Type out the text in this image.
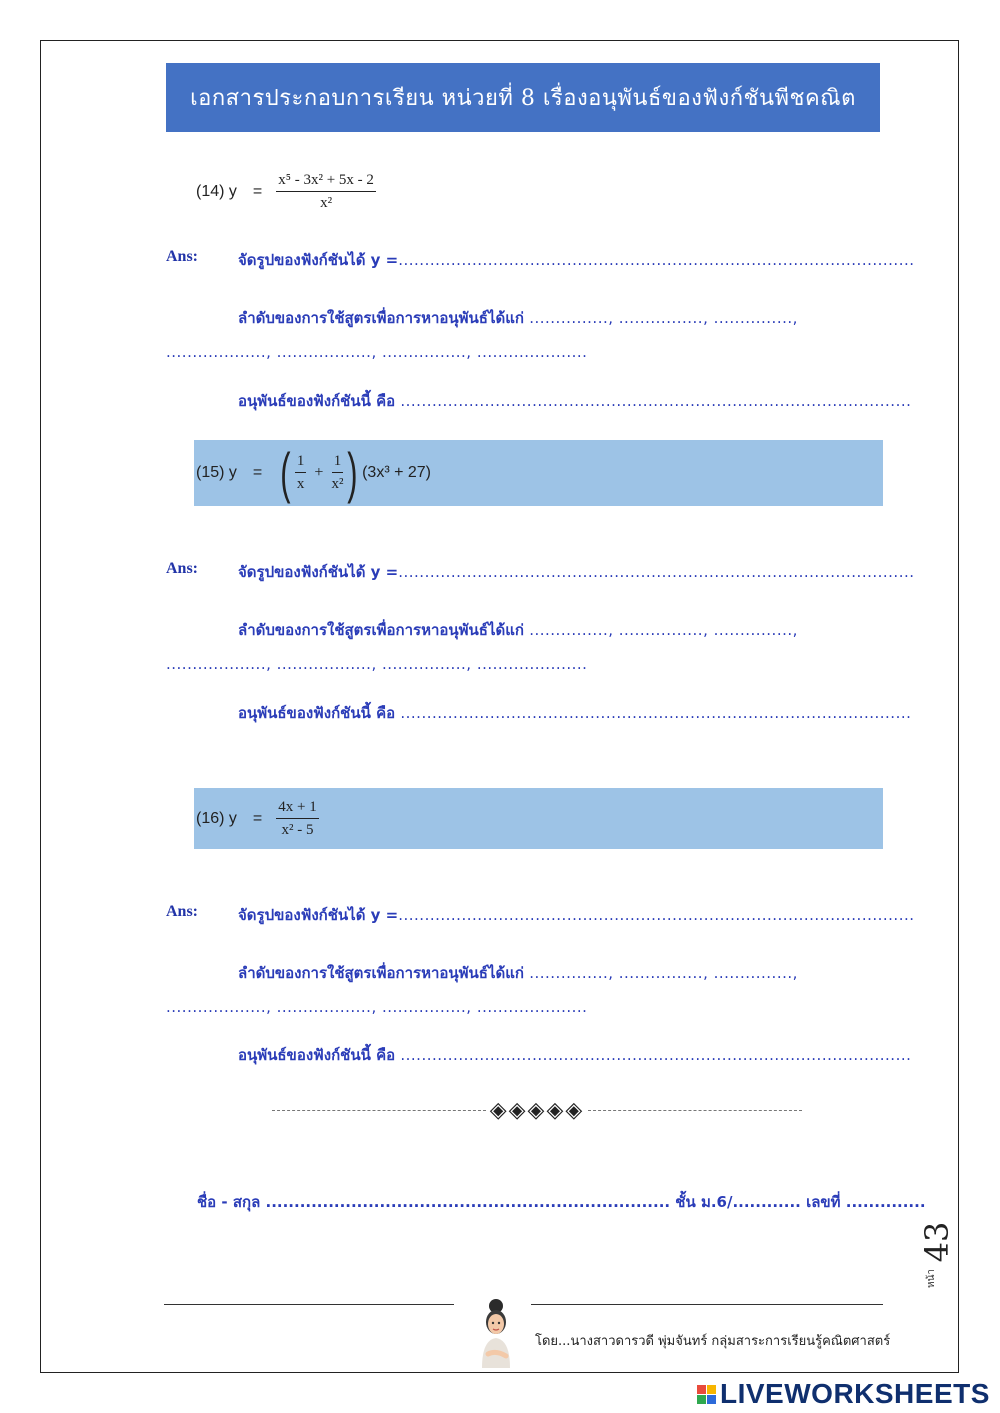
เอกสารประกอบการเรียน หน่วยที่ 8 เรื่องอนุพันธ์ของฟังก์ชันพีชคณิต
(14) $y = \frac{\text{x⁵ - 3x² + 5x - 2}}{\text{x²}}$
Ans:	จัดรูปของฟังก์ชันได้ y =..................................................................................................
ลำดับของการใช้สูตรเพื่อการหาอนุพันธ์ได้แก่ ..............., ................, ...............,
..................., .................., ................, .....................
อนุพันธ์ของฟังก์ชันนี้ คือ .................................................................................................
(15) y = ( $\frac{1}{x} + \frac{1}{\text{x²}}$ ) (3x³ + 27)
Ans:	จัดรูปของฟังก์ชันได้ y =..................................................................................................
ลำดับของการใช้สูตรเพื่อการหาอนุพันธ์ได้แก่ ..............., ................, ...............,
..................., .................., ................, .....................
อนุพันธ์ของฟังก์ชันนี้ คือ .................................................................................................
(16) $y = \frac{4x + 1}{\text{x² - 5}}$
Ans:	จัดรูปของฟังก์ชันได้ y =..................................................................................................
ลำดับของการใช้สูตรเพื่อการหาอนุพันธ์ได้แก่ ..............., ................, ...............,
..................., .................., ................, .....................
อนุพันธ์ของฟังก์ชันนี้ คือ .................................................................................................
◈◈◈◈◈
ชื่อ - สกุล ....................................................................... ชั้น ม.6/............ เลขที่ ..............
43
หน้า
โดย...นางสาวดารวดี พุ่มจันทร์ กลุ่มสาระการเรียนรู้คณิตศาสตร์
LIVEWORKSHEETS
